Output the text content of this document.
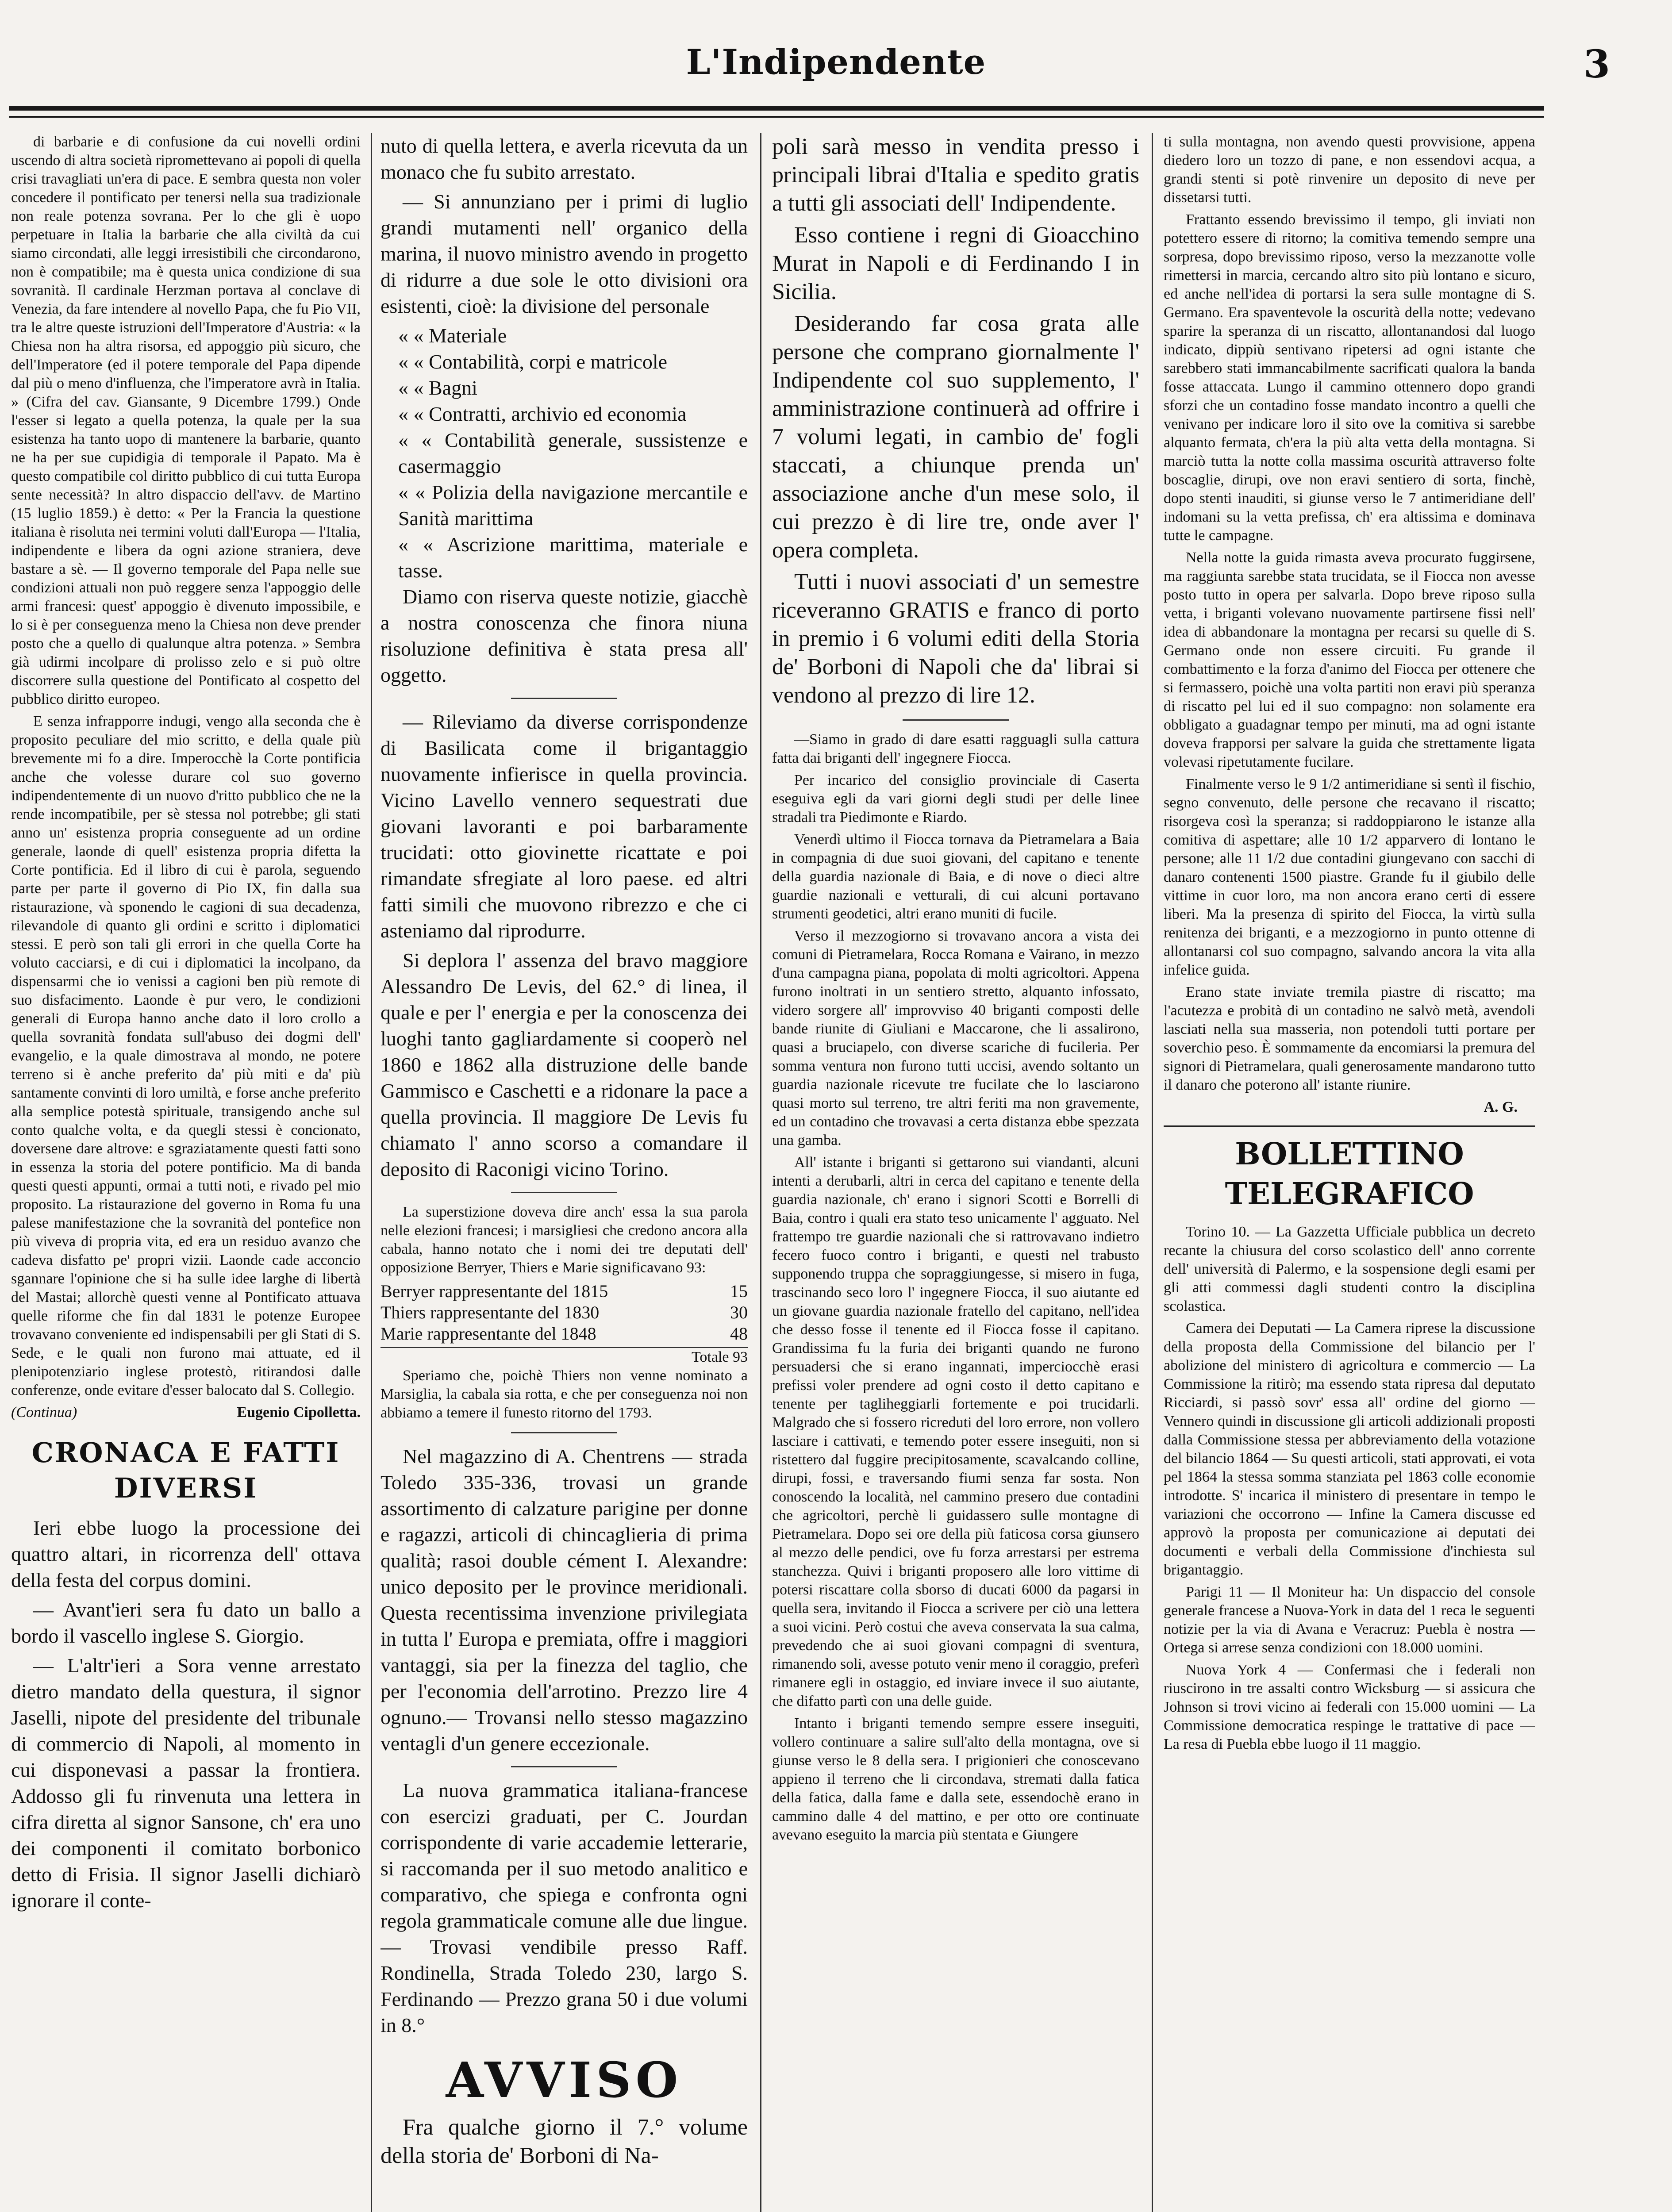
L'Indipendente	3

di barbarie e di confusione da cui novelli ordini uscendo di altra società ripromettevano ai popoli di quella crisi travagliati un'era di pace. E sembra questa non voler concedere il pontificato per tenersi nella sua tradizionale non reale potenza sovrana. Per lo che gli è uopo perpetuare in Italia la barbarie che alla civiltà da cui siamo circondati, alle leggi irresistibili che circondarono, non è compatibile; ma è questa unica condizione di sua sovranità. Il cardinale Herzman portava al conclave di Venezia, da fare intendere al novello Papa, che fu Pio VII, tra le altre queste istruzioni dell'Imperatore d'Austria: « la Chiesa non ha altra risorsa, ed appoggio più sicuro, che dell'Imperatore (ed il potere temporale del Papa dipende dal più o meno d'influenza, che l'imperatore avrà in Italia. » (Cifra del cav. Giansante, 9 Dicembre 1799.) Onde l'esser si legato a quella potenza, la quale per la sua esistenza ha tanto uopo di mantenere la barbarie, quanto ne ha per sue cupidigia di temporale il Papato. Ma è questo compatibile col diritto pubblico di cui tutta Europa sente necessità? In altro dispaccio dell'avv. de Martino (15 luglio 1859.) è detto: « Per la Francia la questione italiana è risoluta nei termini voluti dall'Europa — l'Italia, indipendente e libera da ogni azione straniera, deve bastare a sè. — Il governo temporale del Papa nelle sue condizioni attuali non può reggere senza l'appoggio delle armi francesi: quest' appoggio è divenuto impossibile, e lo si è per conseguenza meno la Chiesa non deve prender posto che a quello di qualunque altra potenza. » Sembra già udirmi incolpare di prolisso zelo e si può oltre discorrere sulla questione del Pontificato al cospetto del pubblico diritto europeo.

E senza infrapporre indugi, vengo alla seconda che è proposito peculiare del mio scritto, e della quale più brevemente mi fo a dire. Imperocchè la Corte pontificia anche che volesse durare col suo governo indipendentemente di un nuovo d'ritto pubblico che ne la rende incompatibile, per sè stessa nol potrebbe; gli stati anno un' esistenza propria conseguente ad un ordine generale, laonde di quell' esistenza propria difetta la Corte pontificia. Ed il libro di cui è parola, seguendo parte per parte il governo di Pio IX, fin dalla sua ristaurazione, và sponendo le cagioni di sua decadenza, rilevandole di quanto gli ordini e scritto i diplomatici stessi. E però son tali gli errori in che quella Corte ha voluto cacciarsi, e di cui i diplomatici la incolpano, da dispensarmi che io venissi a cagioni ben più remote di suo disfacimento. Laonde è pur vero, le condizioni generali di Europa hanno anche dato il loro crollo a quella sovranità fondata sull'abuso dei dogmi dell' evangelio, e la quale dimostrava al mondo, ne potere terreno si è anche preferito da' più miti e da' più santamente convinti di loro umiltà, e forse anche preferito alla semplice potestà spirituale, transigendo anche sul conto qualche volta, e da quegli stessi è concionato, doversene dare altrove: e sgraziatamente questi fatti sono in essenza la storia del potere pontificio. Ma di banda questi questi appunti, ormai a tutti noti, e rivado pel mio proposito. La ristaurazione del governo in Roma fu una palese manifestazione che la sovranità del pontefice non più viveva di propria vita, ed era un residuo avanzo che cadeva disfatto pe' propri vizii. Laonde cade acconcio sgannare l'opinione che si ha sulle idee larghe di libertà del Mastai; allorchè questi venne al Pontificato attuava quelle riforme che fin dal 1831 le potenze Europee trovavano conveniente ed indispensabili per gli Stati di S. Sede, e le quali non furono mai attuate, ed il plenipotenziario inglese protestò, ritirandosi dalle conferenze, onde evitare d'esser balocato dal S. Collegio.

(Continua)	Eugenio Cipolletta.
CRONACA E FATTI DIVERSI

Ieri ebbe luogo la processione dei quattro altari, in ricorrenza dell' ottava della festa del corpus domini.

— Avant'ieri sera fu dato un ballo a bordo il vascello inglese S. Giorgio.

— L'altr'ieri a Sora venne arrestato dietro mandato della questura, il signor Jaselli, nipote del presidente del tribunale di commercio di Napoli, al momento in cui disponevasi a passar la frontiera. Addosso gli fu rinvenuta una lettera in cifra diretta al signor Sansone, ch' era uno dei componenti il comitato borbonico detto di Frisia. Il signor Jaselli dichiarò ignorare il conte-

nuto di quella lettera, e averla ricevuta da un monaco che fu subito arrestato.

— Si annunziano per i primi di luglio grandi mutamenti nell' organico della marina, il nuovo ministro avendo in progetto di ridurre a due sole le otto divisioni ora esistenti, cioè: la divisione del personale

« « Materiale
« « Contabilità, corpi e matricole
« « Bagni
« « Contratti, archivio ed economia
« « Contabilità generale, sussistenze e casermaggio
« « Polizia della navigazione mercantile e Sanità marittima
« « Ascrizione marittima, materiale e tasse.

Diamo con riserva queste notizie, giacchè a nostra conoscenza che finora niuna risoluzione definitiva è stata presa all' oggetto.

— Rileviamo da diverse corrispondenze di Basilicata come il brigantaggio nuovamente infierisce in quella provincia. Vicino Lavello vennero sequestrati due giovani lavoranti e poi barbaramente trucidati: otto giovinette ricattate e poi rimandate sfregiate al loro paese. ed altri fatti simili che muovono ribrezzo e che ci asteniamo dal riprodurre.

Si deplora l' assenza del bravo maggiore Alessandro De Levis, del 62.° di linea, il quale e per l' energia e per la conoscenza dei luoghi tanto gagliardamente si cooperò nel 1860 e 1862 alla distruzione delle bande Gammisco e Caschetti e a ridonare la pace a quella provincia. Il maggiore De Levis fu chiamato l' anno scorso a comandare il deposito di Raconigi vicino Torino.

La superstizione doveva dire anch' essa la sua parola nelle elezioni francesi; i marsigliesi che credono ancora alla cabala, hanno notato che i nomi dei tre deputati dell' opposizione Berryer, Thiers e Marie significavano 93:

Berryer rappresentante del 1815	15
Thiers rappresentante del 1830	30
Marie rappresentante del 1848	48
Totale 93

Speriamo che, poichè Thiers non venne nominato a Marsiglia, la cabala sia rotta, e che per conseguenza noi non abbiamo a temere il funesto ritorno del 1793.

Nel magazzino di A. Chentrens — strada Toledo 335-336, trovasi un grande assortimento di calzature parigine per donne e ragazzi, articoli di chincaglieria di prima qualità; rasoi double cément I. Alexandre: unico deposito per le province meridionali. Questa recentissima invenzione privilegiata in tutta l' Europa e premiata, offre i maggiori vantaggi, sia per la finezza del taglio, che per l'economia dell'arrotino. Prezzo lire 4 ognuno.— Trovansi nello stesso magazzino ventagli d'un genere eccezionale.

La nuova grammatica italiana-francese con esercizi graduati, per C. Jourdan corrispondente di varie accademie letterarie, si raccomanda per il suo metodo analitico e comparativo, che spiega e confronta ogni regola grammaticale comune alle due lingue. — Trovasi vendibile presso Raff. Rondinella, Strada Toledo 230, largo S. Ferdinando — Prezzo grana 50 i due volumi in 8.°

AVVISO

Fra qualche giorno il 7.° volume della storia de' Borboni di Na-

poli sarà messo in vendita presso i principali librai d'Italia e spedito gratis a tutti gli associati dell' Indipendente.

Esso contiene i regni di Gioacchino Murat in Napoli e di Ferdinando I in Sicilia.

Desiderando far cosa grata alle persone che comprano giornalmente l' Indipendente col suo supplemento, l' amministrazione continuerà ad offrire i 7 volumi legati, in cambio de' fogli staccati, a chiunque prenda un' associazione anche d'un mese solo, il cui prezzo è di lire tre, onde aver l' opera completa.

Tutti i nuovi associati d' un semestre riceveranno GRATIS e franco di porto in premio i 6 volumi editi della Storia de' Borboni di Napoli che da' librai si vendono al prezzo di lire 12.

—Siamo in grado di dare esatti ragguagli sulla cattura fatta dai briganti dell' ingegnere Fiocca.

Per incarico del consiglio provinciale di Caserta eseguiva egli da vari giorni degli studi per delle linee stradali tra Piedimonte e Riardo.

Venerdì ultimo il Fiocca tornava da Pietramelara a Baia in compagnia di due suoi giovani, del capitano e tenente della guardia nazionale di Baia, e di nove o dieci altre guardie nazionali e vetturali, di cui alcuni portavano strumenti geodetici, altri erano muniti di fucile.

Verso il mezzogiorno si trovavano ancora a vista dei comuni di Pietramelara, Rocca Romana e Vairano, in mezzo d'una campagna piana, popolata di molti agricoltori. Appena furono inoltrati in un sentiero stretto, alquanto infossato, videro sorgere all' improvviso 40 briganti composti delle bande riunite di Giuliani e Maccarone, che li assalirono, quasi a bruciapelo, con diverse scariche di fucileria. Per somma ventura non furono tutti uccisi, avendo soltanto un guardia nazionale ricevute tre fucilate che lo lasciarono quasi morto sul terreno, tre altri feriti ma non gravemente, ed un contadino che trovavasi a certa distanza ebbe spezzata una gamba.

All' istante i briganti si gettarono sui viandanti, alcuni intenti a derubarli, altri in cerca del capitano e tenente della guardia nazionale, ch' erano i signori Scotti e Borrelli di Baia, contro i quali era stato teso unicamente l' agguato. Nel frattempo tre guardie nazionali che si rattrovavano indietro fecero fuoco contro i briganti, e questi nel trabusto supponendo truppa che sopraggiungesse, si misero in fuga, trascinando seco loro l' ingegnere Fiocca, il suo aiutante ed un giovane guardia nazionale fratello del capitano, nell'idea che desso fosse il tenente ed il Fiocca fosse il capitano. Grandissima fu la furia dei briganti quando ne furono persuadersi che si erano ingannati, imperciocchè erasi prefissi voler prendere ad ogni costo il detto capitano e tenente per tagliheggiarli fortemente e poi trucidarli. Malgrado che si fossero ricreduti del loro errore, non vollero lasciare i cattivati, e temendo poter essere inseguiti, non si ristettero dal fuggire precipitosamente, scavalcando colline, dirupi, fossi, e traversando fiumi senza far sosta. Non conoscendo la località, nel cammino presero due contadini che agricoltori, perchè li guidassero sulle montagne di Pietramelara. Dopo sei ore della più faticosa corsa giunsero al mezzo delle pendici, ove fu forza arrestarsi per estrema stanchezza. Quivi i briganti proposero alle loro vittime di potersi riscattare colla sborso di ducati 6000 da pagarsi in quella sera, invitando il Fiocca a scrivere per ciò una lettera a suoi vicini. Però costui che aveva conservata la sua calma, prevedendo che ai suoi giovani compagni di sventura, rimanendo soli, avesse potuto venir meno il coraggio, preferì rimanere egli in ostaggio, ed inviare invece il suo aiutante, che difatto partì con una delle guide.

Intanto i briganti temendo sempre essere inseguiti, vollero continuare a salire sull'alto della montagna, ove si giunse verso le 8 della sera. I prigionieri che conoscevano appieno il terreno che li circondava, stremati dalla fatica della fatica, dalla fame e dalla sete, essendochè erano in cammino dalle 4 del mattino, e per otto ore continuate avevano eseguito la marcia più stentata e Giungere

ti sulla montagna, non avendo questi provvisione, appena diedero loro un tozzo di pane, e non essendovi acqua, a grandi stenti si potè rinvenire un deposito di neve per dissetarsi tutti.

Frattanto essendo brevissimo il tempo, gli inviati non potettero essere di ritorno; la comitiva temendo sempre una sorpresa, dopo brevissimo riposo, verso la mezzanotte volle rimettersi in marcia, cercando altro sito più lontano e sicuro, ed anche nell'idea di portarsi la sera sulle montagne di S. Germano. Era spaventevole la oscurità della notte; vedevano sparire la speranza di un riscatto, allontanandosi dal luogo indicato, dippiù sentivano ripetersi ad ogni istante che sarebbero stati immancabilmente sacrificati qualora la banda fosse attaccata. Lungo il cammino ottennero dopo grandi sforzi che un contadino fosse mandato incontro a quelli che venivano per indicare loro il sito ove la comitiva si sarebbe alquanto fermata, ch'era la più alta vetta della montagna. Si marciò tutta la notte colla massima oscurità attraverso folte boscaglie, dirupi, ove non eravi sentiero di sorta, finchè, dopo stenti inauditi, si giunse verso le 7 antimeridiane dell' indomani su la vetta prefissa, ch' era altissima e dominava tutte le campagne.

Nella notte la guida rimasta aveva procurato fuggirsene, ma raggiunta sarebbe stata trucidata, se il Fiocca non avesse posto tutto in opera per salvarla. Dopo breve riposo sulla vetta, i briganti volevano nuovamente partirsene fissi nell' idea di abbandonare la montagna per recarsi su quelle di S. Germano onde non essere circuiti. Fu grande il combattimento e la forza d'animo del Fiocca per ottenere che si fermassero, poichè una volta partiti non eravi più speranza di riscatto pel lui ed il suo compagno: non solamente era obbligato a guadagnar tempo per minuti, ma ad ogni istante doveva frapporsi per salvare la guida che strettamente ligata volevasi ripetutamente fucilare.

Finalmente verso le 9 1/2 antimeridiane si sentì il fischio, segno convenuto, delle persone che recavano il riscatto; risorgeva così la speranza; si raddoppiarono le istanze alla comitiva di aspettare; alle 10 1/2 apparvero di lontano le persone; alle 11 1/2 due contadini giungevano con sacchi di danaro contenenti 1500 piastre. Grande fu il giubilo delle vittime in cuor loro, ma non ancora erano certi di essere liberi. Ma la presenza di spirito del Fiocca, la virtù sulla renitenza dei briganti, e a mezzogiorno in punto ottenne di allontanarsi col suo compagno, salvando ancora la vita alla infelice guida.

Erano state inviate tremila piastre di riscatto; ma l'acutezza e probità di un contadino ne salvò metà, avendoli lasciati nella sua masseria, non potendoli tutti portare per soverchio peso. È sommamente da encomiarsi la premura del signori di Pietramelara, quali generosamente mandarono tutto il danaro che poterono all' istante riunire.

A. G.
BOLLETTINO TELEGRAFICO

Torino 10. — La Gazzetta Ufficiale pubblica un decreto recante la chiusura del corso scolastico dell' anno corrente dell' università di Palermo, e la sospensione degli esami per gli atti commessi dagli studenti contro la disciplina scolastica.

Camera dei Deputati — La Camera riprese la discussione della proposta della Commissione del bilancio per l' abolizione del ministero di agricoltura e commercio — La Commissione la ritirò; ma essendo stata ripresa dal deputato Ricciardi, si passò sovr' essa all' ordine del giorno — Vennero quindi in discussione gli articoli addizionali proposti dalla Commissione stessa per abbreviamento della votazione del bilancio 1864 — Su questi articoli, stati approvati, ei vota pel 1864 la stessa somma stanziata pel 1863 colle economie introdotte. S' incarica il ministero di presentare in tempo le variazioni che occorrono — Infine la Camera discusse ed approvò la proposta per comunicazione ai deputati dei documenti e verbali della Commissione d'inchiesta sul brigantaggio.

Parigi 11 — Il Moniteur ha: Un dispaccio del console generale francese a Nuova-York in data del 1 reca le seguenti notizie per la via di Avana e Veracruz: Puebla è nostra — Ortega si arrese senza condizioni con 18.000 uomini.

Nuova York 4 — Confermasi che i federali non riuscirono in tre assalti contro Wicksburg — si assicura che Johnson si trovi vicino ai federali con 15.000 uomini — La Commissione democratica respinge le trattative di pace — La resa di Puebla ebbe luogo il 11 maggio.
